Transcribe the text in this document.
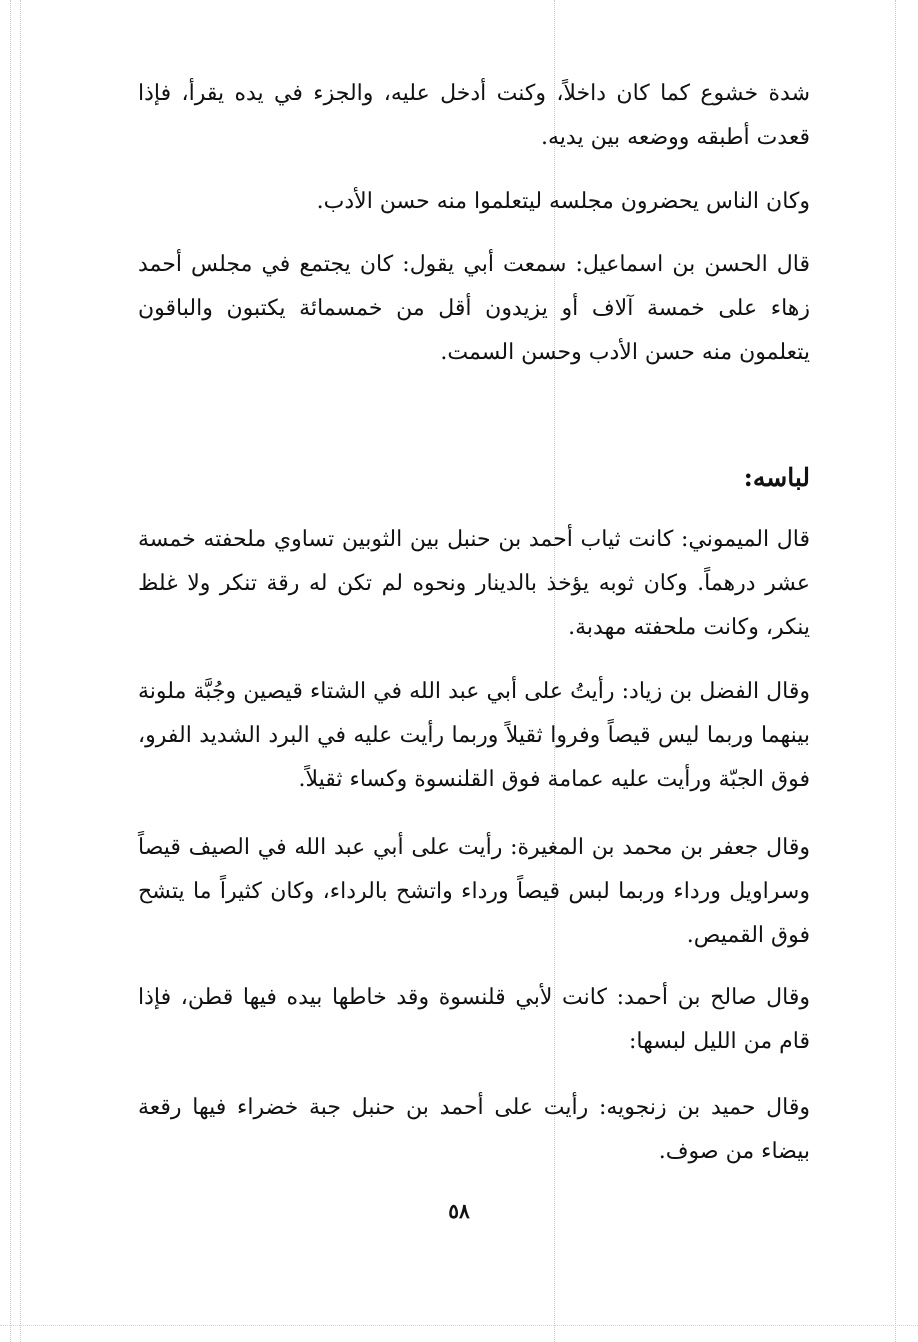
شدة خشوع كما كان داخلاً، وكنت أدخل عليه، والجزء في يده يقرأ، فإذا قعدت أطبقه ووضعه بين يديه.

وكان الناس يحضرون مجلسه ليتعلموا منه حسن الأدب.

قال الحسن بن اسماعيل: سمعت أبي يقول: كان يجتمع في مجلس أحمد زهاء على خمسة آلاف أو يزيدون أقل من خمسمائة يكتبون والباقون يتعلمون منه حسن الأدب وحسن السمت.

لباسه:

قال الميموني: كانت ثياب أحمد بن حنبل بين الثوبين تساوي ملحفته خمسة عشر درهماً. وكان ثوبه يؤخذ بالدينار ونحوه لم تكن له رقة تنكر ولا غلظ ينكر، وكانت ملحفته مهدبة.

وقال الفضل بن زياد: رأيتُ على أبي عبد الله في الشتاء قيصين وجُبَّة ملونة بينهما وربما ليس قيصاً وفروا ثقيلاً وربما رأيت عليه في البرد الشديد الفرو، فوق الجبّة ورأيت عليه عمامة فوق القلنسوة وكساء ثقيلاً.

وقال جعفر بن محمد بن المغيرة: رأيت على أبي عبد الله في الصيف قيصاً وسراويل ورداء وربما لبس قيصاً ورداء واتشح بالرداء، وكان كثيراً ما يتشح فوق القميص.

وقال صالح بن أحمد: كانت لأبي قلنسوة وقد خاطها بيده فيها قطن، فإذا قام من الليل لبسها:

وقال حميد بن زنجويه: رأيت على أحمد بن حنبل جبة خضراء فيها رقعة بيضاء من صوف.

٥٨
